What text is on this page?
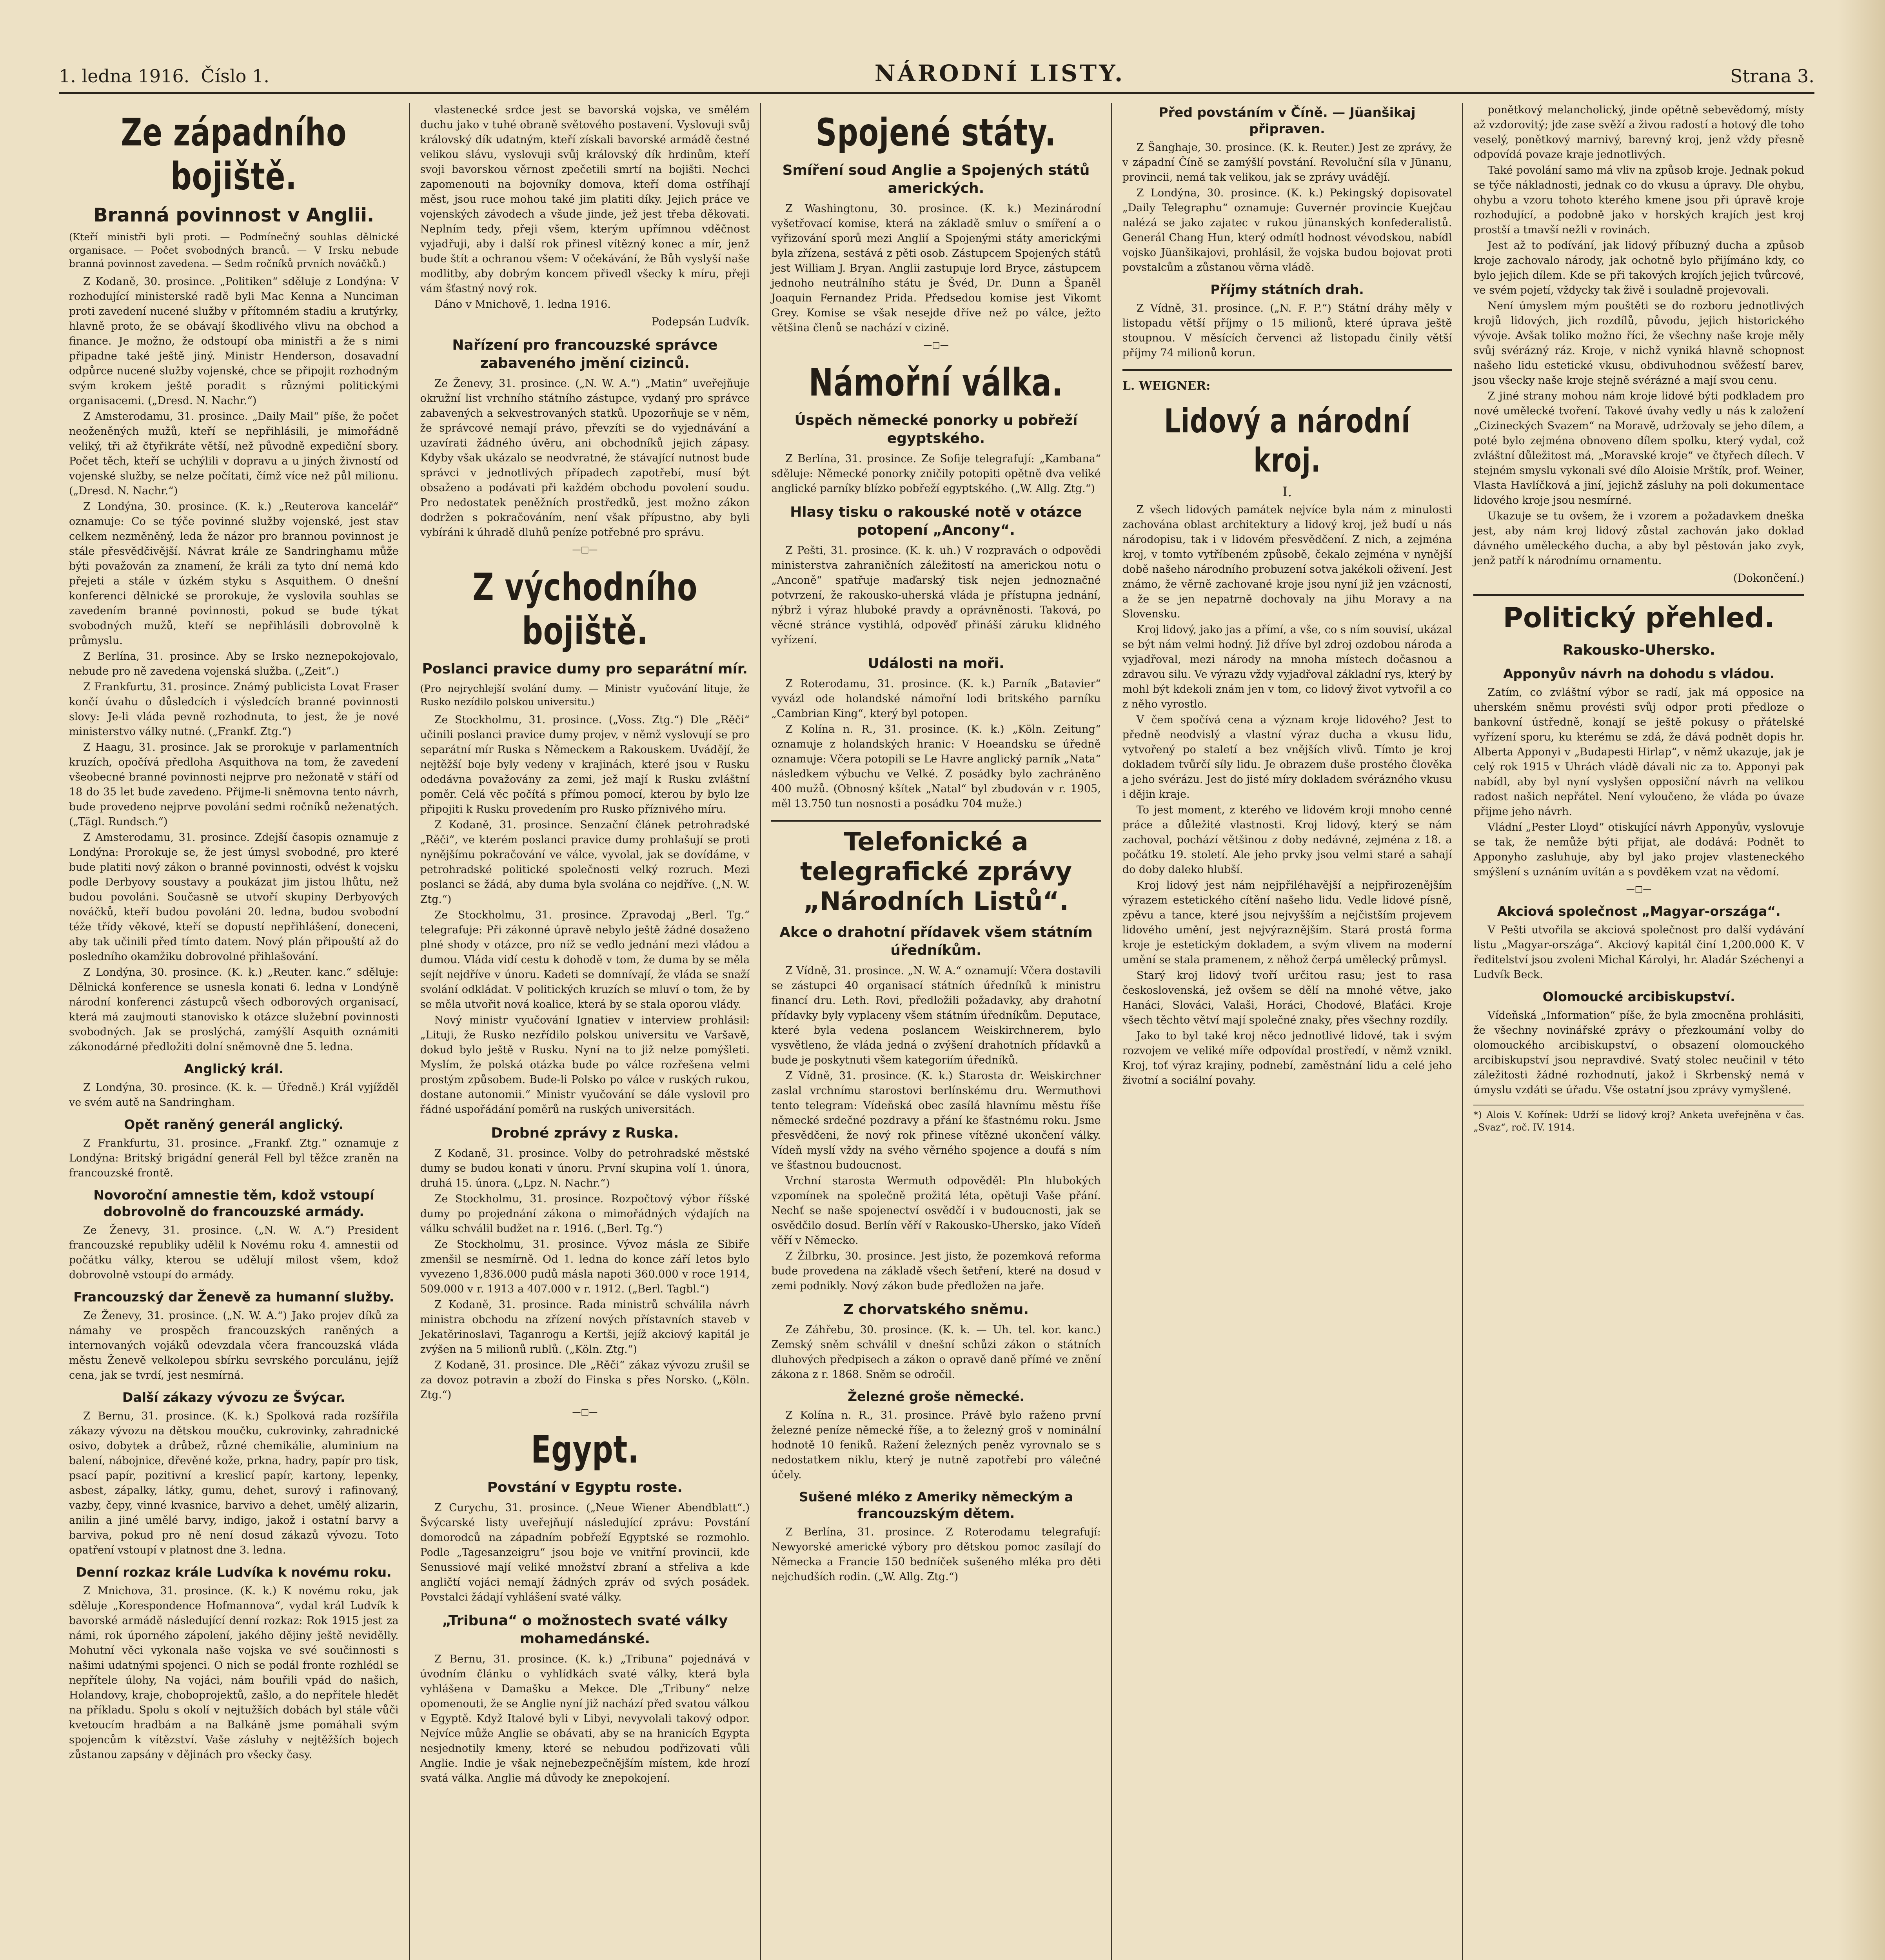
1. ledna 1916. Číslo 1.	NÁRODNÍ LISTY.	Strana 3.
Ze západního bojiště.
Branná povinnost v Anglii.
(Kteří ministři byli proti. — Podmínečný souhlas dělnické organisace. — Počet svobodných branců. — V Irsku nebude branná povinnost zavedena. — Sedm ročníků prvních nováčků.)

Z Kodaně, 30. prosince. „Politiken“ sděluje z Londýna: V rozhodující ministerské radě byli Mac Kenna a Nunciman proti zavedení nucené služby v přítomném stadiu a krutýrky, hlavně proto, že se obávají škodlivého vlivu na obchod a finance. Je možno, že odstoupí oba ministři a že s nimi připadne také ještě jiný. Ministr Henderson, dosavadní odpůrce nucené služby vojenské, chce se připojit rozhodným svým krokem ještě poradit s různými politickými organisacemi. („Dresd. N. Nachr.“)

Z Amsterodamu, 31. prosince. „Daily Mail“ píše, že počet neoženěných mužů, kteří se nepřihlásili, je mimořádně veliký, tři až čtyřikráte větší, než původně expediční sbory. Počet těch, kteří se uchýlili v dopravu a u jiných živností od vojenské služby, se nelze počítati, čímž více než půl milionu. („Dresd. N. Nachr.“)

Z Londýna, 30. prosince. (K. k.) „Reuterova kancelář“ oznamuje: Co se týče povinné služby vojenské, jest stav celkem nezměněný, leda že názor pro brannou povinnost je stále přesvědčivější. Návrat krále ze Sandringhamu může býti považován za znamení, že králi za tyto dní nemá kdo přejeti a stále v úzkém styku s Asquithem. O dnešní konferenci dělnické se prorokuje, že vyslovila souhlas se zavedením branné povinnosti, pokud se bude týkat svobodných mužů, kteří se nepřihlásili dobrovolně k průmyslu.

Z Berlína, 31. prosince. Aby se Irsko neznepokojovalo, nebude pro ně zavedena vojenská služba. („Zeit“.)

Z Frankfurtu, 31. prosince. Známý publicista Lovat Fraser končí úvahu o důsledcích i výsledcích branné povinnosti slovy: Je-li vláda pevně rozhodnuta, to jest, že je nové ministerstvo války nutné. („Frankf. Ztg.“)

Z Haagu, 31. prosince. Jak se prorokuje v parlamentních kruzích, opočívá předloha Asquithova na tom, že zavedení všeobecné branné povinnosti nejprve pro nežonatě v stáří od 18 do 35 let bude zavedeno. Přijme-li sněmovna tento návrh, bude provedeno nejprve povolání sedmi ročníků neženatých. („Tägl. Rundsch.“)

Z Amsterodamu, 31. prosince. Zdejší časopis oznamuje z Londýna: Prorokuje se, že jest úmysl svobodné, pro které bude platiti nový zákon o branné povinnosti, odvést k vojsku podle Derbyovy soustavy a poukázat jim jistou lhůtu, než budou povoláni. Současně se utvoří skupiny Derbyových nováčků, kteří budou povoláni 20. ledna, budou svobodní téže třídy věkové, kteří se dopustí nepřihlášení, doneceni, aby tak učinili před tímto datem. Nový plán připouští až do posledního okamžiku dobrovolné přihlašování.

Z Londýna, 30. prosince. (K. k.) „Reuter. kanc.“ sděluje: Dělnická konference se usnesla konati 6. ledna v Londýně národní konferenci zástupců všech odborových organisací, která má zaujmouti stanovisko k otázce služební povinnosti svobodných. Jak se proslýchá, zamýšlí Asquith oznámiti zákonodárné předložiti dolní sněmovně dne 5. ledna.

Anglický král.

Z Londýna, 30. prosince. (K. k. — Úředně.) Král vyjížděl ve svém autě na Sandringham.

Opět raněný generál anglický.

Z Frankfurtu, 31. prosince. „Frankf. Ztg.“ oznamuje z Londýna: Britský brigádní generál Fell byl těžce zraněn na francouzské frontě.

Novoroční amnestie těm, kdož vstoupí dobrovolně do francouzské armády.

Ze Ženevy, 31. prosince. („N. W. A.“) President francouzské republiky udělil k Novému roku 4. amnestii od počátku války, kterou se udělují milost všem, kdož dobrovolně vstoupí do armády.

Francouzský dar Ženevě za humanní služby.

Ze Ženevy, 31. prosince. („N. W. A.“) Jako projev díků za námahy ve prospěch francouzských raněných a internovaných vojáků odevzdala včera francouzská vláda městu Ženevě velkolepou sbírku sevrského porculánu, jejíž cena, jak se tvrdí, jest nesmírná.

Další zákazy vývozu ze Švýcar.

Z Bernu, 31. prosince. (K. k.) Spolková rada rozšířila zákazy vývozu na dětskou moučku, cukrovinky, zahradnické osivo, dobytek a drůbež, různé chemikálie, aluminium na balení, nábojnice, dřevěné kože, prkna, hadry, papír pro tisk, psací papír, pozitivní a kreslicí papír, kartony, lepenky, asbest, zápalky, látky, gumu, dehet, surový i rafinovaný, vazby, čepy, vinné kvasnice, barvivo a dehet, umělý alizarin, anilin a jiné umělé barvy, indigo, jakož i ostatní barvy a barviva, pokud pro ně není dosud zákazů vývozu. Toto opatření vstoupí v platnost dne 3. ledna.

Denní rozkaz krále Ludvíka k novému roku.

Z Mnichova, 31. prosince. (K. k.) K novému roku, jak sděluje „Korespondence Hofmannova“, vydal král Ludvík k bavorské armádě následující denní rozkaz: Rok 1915 jest za námi, rok úporného zápolení, jakého dějiny ještě nevidělly. Mohutní věci vykonala naše vojska ve své součinnosti s našimi udatnými spojenci. O nich se podál fronte rozhlédl se nepřítele úlohy, Na vojáci, nám bouřili vpád do našich, Holandovy, kraje, choboprojektů, zašlo, a do nepřítele hledět na příkladu. Spolu s okolí v nejtužších dobách byl stále vůči kvetoucím hradbám a na Balkáně jsme pomáhali svým spojencům k vítězství. Vaše zásluhy v nejtěžších bojech zůstanou zapsány v dějinách pro všecky časy.

vlastenecké srdce jest se bavorská vojska, ve smělém duchu jako v tuhé obraně světového postavení. Vyslovuji svůj královský dík udatným, kteří získali bavorské armádě čestné velikou slávu, vyslovuji svůj královský dík hrdinům, kteří svoji bavorskou věrnost zpečetili smrtí na bojišti. Nechci zapomenouti na bojovníky domova, kteří doma ostříhají měst, jsou ruce mohou také jim platiti díky. Jejich práce ve vojenských závodech a všude jinde, jež jest třeba děkovati. Neplním tedy, přeji všem, kterým upřímnou vděčnost vyjadřuji, aby i další rok přinesl vítězný konec a mír, jenž bude štít a ochranou všem: V očekávání, že Bůh vyslyší naše modlitby, aby dobrým koncem přivedl všecky k míru, přeji vám šťastný nový rok.

Dáno v Mnichově, 1. ledna 1916.

Podepsán Ludvík.
Nařízení pro francouzské správce zabaveného jmění cizinců.

Ze Ženevy, 31. prosince. („N. W. A.“) „Matin“ uveřejňuje okružní list vrchního státního zástupce, vydaný pro správce zabavených a sekvestrovaných statků. Upozorňuje se v něm, že správcové nemají právo, převzíti se do vyjednávání a uzavírati žádného úvěru, ani obchodníků jejich zápasy. Kdyby však ukázalo se neodvratné, že stávající nutnost bude správci v jednotlivých případech zapotřebí, musí být obsaženo a podávati při každém obchodu povolení soudu. Pro nedostatek peněžních prostředků, jest možno zákon dodržen s pokračováním, není však přípustno, aby byli vybíráni k úhradě dluhů peníze potřebné pro správu.

—□—
Z východního bojiště.
Poslanci pravice dumy pro separátní mír.
(Pro nejrychlejší svolání dumy. — Ministr vyučování lituje, že Rusko nezídilo polskou universitu.)

Ze Stockholmu, 31. prosince. („Voss. Ztg.“) Dle „Rěči“ učinili poslanci pravice dumy projev, v němž vyslovují se pro separátní mír Ruska s Německem a Rakouskem. Uvádějí, že nejtěžší boje byly vedeny v krajinách, které jsou v Rusku odedávna považovány za zemi, jež mají k Rusku zvláštní poměr. Celá věc počítá s přímou pomocí, kterou by bylo lze připojiti k Rusku provedením pro Rusko příznivého míru.

Z Kodaně, 31. prosince. Senzační článek petrohradské „Rěči“, ve kterém poslanci pravice dumy prohlašují se proti nynějšímu pokračování ve válce, vyvolal, jak se dovídáme, v petrohradské politické společnosti velký rozruch. Mezi poslanci se žádá, aby duma byla svolána co nejdříve. („N. W. Ztg.“)

Ze Stockholmu, 31. prosince. Zpravodaj „Berl. Tg.“ telegrafuje: Při zákonné úpravě nebylo ještě žádné dosaženo plné shody v otázce, pro níž se vedlo jednání mezi vládou a dumou. Vláda vidí cestu k dohodě v tom, že duma by se měla sejít nejdříve v únoru. Kadeti se domnívají, že vláda se snaží svolání odkládat. V politických kruzích se mluví o tom, že by se měla utvořit nová koalice, která by se stala oporou vlády.

Nový ministr vyučování Ignatiev v interview prohlásil: „Lituji, že Rusko nezřídilo polskou universitu ve Varšavě, dokud bylo ještě v Rusku. Nyní na to již nelze pomýšleti. Myslím, že polská otázka bude po válce rozřešena velmi prostým způsobem. Bude-li Polsko po válce v ruských rukou, dostane autonomii.“ Ministr vyučování se dále vyslovil pro řádné uspořádání poměrů na ruských universitách.

Drobné zprávy z Ruska.

Z Kodaně, 31. prosince. Volby do petrohradské městské dumy se budou konati v únoru. První skupina volí 1. února, druhá 15. února. („Lpz. N. Nachr.“)

Ze Stockholmu, 31. prosince. Rozpočtový výbor říšské dumy po projednání zákona o mimořádných výdajích na válku schválil budžet na r. 1916. („Berl. Tg.“)

Ze Stockholmu, 31. prosince. Vývoz másla ze Sibiře zmenšil se nesmírně. Od 1. ledna do konce září letos bylo vyvezeno 1,836.000 pudů másla napoti 360.000 v roce 1914, 509.000 v r. 1913 a 407.000 v r. 1912. („Berl. Tagbl.“)

Z Kodaně, 31. prosince. Rada ministrů schválila návrh ministra obchodu na zřízení nových přístavních staveb v Jekatěrinoslavi, Taganrogu a Kertši, jejíž akciový kapitál je zvýšen na 5 milionů rublů. („Köln. Ztg.“)

Z Kodaně, 31. prosince. Dle „Rěči“ zákaz vývozu zrušil se za dovoz potravin a zboží do Finska s přes Norsko. („Köln. Ztg.“)

—□—
Egypt.
Povstání v Egyptu roste.

Z Curychu, 31. prosince. („Neue Wiener Abendblatt“.) Švýcarské listy uveřejňují následující zprávu: Povstání domorodců na západním pobřeží Egyptské se rozmohlo. Podle „Tagesanzeigru“ jsou boje ve vnitřní provincii, kde Senussiové mají veliké množství zbraní a střeliva a kde angličtí vojáci nemají žádných zpráv od svých posádek. Povstalci žádají vyhlášení svaté války.

„Tribuna“ o možnostech svaté války mohamedánské.

Z Bernu, 31. prosince. (K. k.) „Tribuna“ pojednává v úvodním článku o vyhlídkách svaté války, která byla vyhlášena v Damašku a Mekce. Dle „Tribuny“ nelze opomenouti, že se Anglie nyní již nachází před svatou válkou v Egyptě. Když Italové byli v Libyi, nevyvolali takový odpor. Nejvíce může Anglie se obávati, aby se na hranicích Egypta nesjednotily kmeny, které se nebudou podřizovati vůli Anglie. Indie je však nejnebezpečnějším místem, kde hrozí svatá válka. Anglie má důvody ke znepokojení.

Spojené státy.
Smíření soud Anglie a Spojených států amerických.

Z Washingtonu, 30. prosince. (K. k.) Mezinárodní vyšetřovací komise, která na základě smluv o smíření a o vyřizování sporů mezi Anglií a Spojenými státy americkými byla zřízena, sestává z pěti osob. Zástupcem Spojených států jest William J. Bryan. Anglii zastupuje lord Bryce, zástupcem jednoho neutrálního státu je Švéd, Dr. Dunn a Španěl Joaquin Fernandez Prida. Předsedou komise jest Vikomt Grey. Komise se však nesejde dříve než po válce, ježto většina členů se nachází v cizině.

—□—
Námořní válka.
Úspěch německé ponorky u pobřeží egyptského.

Z Berlína, 31. prosince. Ze Sofije telegrafují: „Kambana“ sděluje: Německé ponorky zničily potopiti opětně dva veliké anglické parníky blízko pobřeží egyptského. („W. Allg. Ztg.“)

Hlasy tisku o rakouské notě v otázce potopení „Ancony“.

Z Pešti, 31. prosince. (K. k. uh.) V rozpravách o odpovědi ministerstva zahraničních záležitostí na americkou notu o „Anconě“ spatřuje maďarský tisk nejen jednoznačné potvrzení, že rakousko-uherská vláda je přístupna jednání, nýbrž i výraz hluboké pravdy a oprávněnosti. Taková, po věcné stránce vystihlá, odpověď přináší záruku klidného vyřízení.

Události na moři.

Z Roterodamu, 31. prosince. (K. k.) Parník „Batavier“ vyvázl ode holandské námořní lodi britského parníku „Cambrian King“, který byl potopen.

Z Kolína n. R., 31. prosince. (K. k.) „Köln. Zeitung“ oznamuje z holandských hranic: V Hoeandsku se úředně oznamuje: Včera potopili se Le Havre anglický parník „Nata“ následkem výbuchu ve Velké. Z posádky bylo zachráněno 400 mužů. (Obnosný kšítek „Natal“ byl zbudován v r. 1905, měl 13.750 tun nosnosti a posádku 704 muže.)

Telefonické a telegrafické zprávy „Národních Listů“.
Akce o drahotní přídavek všem státním úředníkům.

Z Vídně, 31. prosince. „N. W. A.“ oznamují: Včera dostavili se zástupci 40 organisací státních úředníků k ministru financí dru. Leth. Rovi, předložili požadavky, aby drahotní přídavky byly vyplaceny všem státním úředníkům. Deputace, které byla vedena poslancem Weiskirchnerem, bylo vysvětleno, že vláda jedná o zvýšení drahotních přídavků a bude je poskytnuti všem kategoriím úředníků.

Z Vídně, 31. prosince. (K. k.) Starosta dr. Weiskirchner zaslal vrchnímu starostovi berlínskému dru. Wermuthovi tento telegram: Vídeňská obec zasílá hlavnímu městu říše německé srdečné pozdravy a přání ke šťastnému roku. Jsme přesvědčeni, že nový rok přinese vítězné ukončení války. Vídeň myslí vždy na svého věrného spojence a doufá s ním ve šťastnou budoucnost.

Vrchní starosta Wermuth odpověděl: Pln hlubokých vzpomínek na společně prožitá léta, opětuji Vaše přání. Nechť se naše spojenectví osvědčí i v budoucnosti, jak se osvědčilo dosud. Berlín věří v Rakousko-Uhersko, jako Vídeň věří v Německo.

Z Žilbrku, 30. prosince. Jest jisto, že pozemková reforma bude provedena na základě všech šetření, které na dosud v zemi podnikly. Nový zákon bude předložen na jaře.

Z chorvatského sněmu.

Ze Záhřebu, 30. prosince. (K. k. — Uh. tel. kor. kanc.) Zemský sněm schválil v dnešní schůzi zákon o státních dluhových předpisech a zákon o opravě daně přímé ve znění zákona z r. 1868. Sněm se odročil.

Železné groše německé.

Z Kolína n. R., 31. prosince. Právě bylo raženo první železné peníze německé říše, a to železný groš v nominální hodnotě 10 feniků. Ražení železných peněz vyrovnalo se s nedostatkem niklu, který je nutně zapotřebí pro válečné účely.

Sušené mléko z Ameriky německým a francouzským dětem.

Z Berlína, 31. prosince. Z Roterodamu telegrafují: Newyorské americké výbory pro dětskou pomoc zasílají do Německa a Francie 150 bedníček sušeného mléka pro děti nejchudších rodin. („W. Allg. Ztg.“)

Před povstáním v Číně. — Jüanšikaj připraven.

Z Šanghaje, 30. prosince. (K. k. Reuter.) Jest ze zprávy, že v západní Číně se zamýšlí povstání. Revoluční síla v Jünanu, provincii, nemá tak velikou, jak se zprávy uvádějí.

Z Londýna, 30. prosince. (K. k.) Pekingský dopisovatel „Daily Telegraphu“ oznamuje: Guvernér provincie Kuejčau nalézá se jako zajatec v rukou jünanských konfederalistů. Generál Chang Hun, který odmítl hodnost vévodskou, nabídl vojsko Jüanšikajovi, prohlásil, že vojska budou bojovat proti povstalcům a zůstanou věrna vládě.

Příjmy státních drah.

Z Vídně, 31. prosince. („N. F. P.“) Státní dráhy měly v listopadu větší příjmy o 15 milionů, které úprava ještě stoupnou. V měsících červenci až listopadu činily větší příjmy 74 milionů korun.

L. WEIGNER:
Lidový a národní kroj.
I.

Z všech lidových památek nejvíce byla nám z minulosti zachována oblast architektury a lidový kroj, jež budí u nás národopisu, tak i v lidovém přesvědčení. Z nich, a zejména kroj, v tomto vytříbeném způsobě, čekalo zejména v nynější době našeho národního probuzení sotva jakékoli oživení. Jest známo, že věrně zachované kroje jsou nyní již jen vzácností, a že se jen nepatrně dochovaly na jihu Moravy a na Slovensku.

Kroj lidový, jako jas a přímí, a vše, co s ním souvisí, ukázal se být nám velmi hodný. Již dříve byl zdroj ozdobou národa a vyjadřoval, mezi národy na mnoha místech dočasnou a zdravou silu. Ve výrazu vždy vyjadřoval základní rys, který by mohl být kdekoli znám jen v tom, co lidový život vytvořil a co z něho vyrostlo.

V čem spočívá cena a význam kroje lidového? Jest to předně neodvislý a vlastní výraz ducha a vkusu lidu, vytvořený po staletí a bez vnějších vlivů. Tímto je kroj dokladem tvůrčí síly lidu. Je obrazem duše prostého člověka a jeho svérázu. Jest do jisté míry dokladem svérázného vkusu i dějin kraje.

To jest moment, z kterého ve lidovém kroji mnoho cenné práce a důležité vlastnosti. Kroj lidový, který se nám zachoval, pochází většinou z doby nedávné, zejména z 18. a počátku 19. století. Ale jeho prvky jsou velmi staré a sahají do doby daleko hlubší.

Kroj lidový jest nám nejpřiléhavější a nejpřirozenějším výrazem estetického cítění našeho lidu. Vedle lidové písně, zpěvu a tance, které jsou nejvyšším a nejčistším projevem lidového umění, jest nejvýraznějším. Stará prostá forma kroje je estetickým dokladem, a svým vlivem na moderní umění se stala pramenem, z něhož čerpá umělecký průmysl.

Starý kroj lidový tvoří určitou rasu; jest to rasa československá, jež ovšem se dělí na mnohé větve, jako Hanáci, Slováci, Valaši, Horáci, Chodové, Blaťáci. Kroje všech těchto větví mají společné znaky, přes všechny rozdíly.

Jako to byl také kroj něco jednotlivé lidové, tak i svým rozvojem ve veliké míře odpovídal prostředí, v němž vznikl. Kroj, toť výraz krajiny, podnebí, zaměstnání lidu a celé jeho životní a sociální povahy.

ponětkový melancholický, jinde opětně sebevědomý, místy až vzdorovitý; jde zase svěží a živou radostí a hotový dle toho veselý, ponětkový marnivý, barevný kroj, jenž vždy přesně odpovídá povaze kraje jednotlivých.

Také povolání samo má vliv na způsob kroje. Jednak pokud se týče nákladnosti, jednak co do vkusu a úpravy. Dle ohybu, ohybu a vzoru tohoto kterého kmene jsou při úpravě kroje rozhodující, a podobně jako v horských krajích jest kroj prostší a tmavší nežli v rovinách.

Jest až to podívání, jak lidový příbuzný ducha a způsob kroje zachovalo národy, jak ochotně bylo přijímáno kdy, co bylo jejich dílem. Kde se při takových krojích jejich tvůrcové, ve svém pojetí, vždycky tak živě i souladně projevovali.

Není úmyslem mým pouštěti se do rozboru jednotlivých krojů lidových, jich rozdílů, původu, jejich historického vývoje. Avšak toliko možno říci, že všechny naše kroje měly svůj svérázný ráz. Kroje, v nichž vyniká hlavně schopnost našeho lidu estetické vkusu, obdivuhodnou svěžestí barev, jsou všecky naše kroje stejně svérázné a mají svou cenu.

Z jiné strany mohou nám kroje lidové býti podkladem pro nové umělecké tvoření. Takové úvahy vedly u nás k založení „Cizineckých Svazem“ na Moravě, udržovaly se jeho dílem, a poté bylo zejména obnoveno dílem spolku, který vydal, což zvláštní důležitost má, „Moravské kroje“ ve čtyřech dílech. V stejném smyslu vykonali své dílo Aloisie Mrštík, prof. Weiner, Vlasta Havlíčková a jiní, jejichž zásluhy na poli dokumentace lidového kroje jsou nesmírné.

Ukazuje se tu ovšem, že i vzorem a požadavkem dneška jest, aby nám kroj lidový zůstal zachován jako doklad dávného uměleckého ducha, a aby byl pěstován jako zvyk, jenž patří k národnímu ornamentu.

(Dokončení.)
Politický přehled.
Rakousko-Uhersko.
Apponyův návrh na dohodu s vládou.

Zatím, co zvláštní výbor se radí, jak má opposice na uherském sněmu provésti svůj odpor proti předloze o bankovní ústředně, konají se ještě pokusy o přátelské vyřízení sporu, ku kterému se zdá, že dává podnět dopis hr. Alberta Apponyi v „Budapesti Hirlap“, v němž ukazuje, jak je celý rok 1915 v Uhrách vládě dávali nic za to. Apponyi pak nabídl, aby byl nyní vyslyšen opposiční návrh na velikou radost našich nepřátel. Není vyloučeno, že vláda po úvaze přijme jeho návrh.

Vládní „Pester Lloyd“ otiskující návrh Apponyův, vyslovuje se tak, že nemůže býti přijat, ale dodává: Podnět to Apponyho zasluhuje, aby byl jako projev vlasteneckého smýšlení s uznáním uvítán a s povděkem vzat na vědomí.

—□—
Akciová společnost „Magyar-országa“.

V Pešti utvořila se akciová společnost pro další vydávání listu „Magyar-országa“. Akciový kapitál činí 1,200.000 K. V ředitelství jsou zvoleni Michal Károlyi, hr. Aladár Széchenyi a Ludvík Beck.

Olomoucké arcibiskupství.

Vídeňská „Information“ píše, že byla zmocněna prohlásiti, že všechny novinářské zprávy o přezkoumání volby do olomouckého arcibiskupství, o obsazení olomouckého arcibiskupství jsou nepravdivé. Svatý stolec neučinil v této záležitosti žádné rozhodnutí, jakož i Skrbenský nemá v úmyslu vzdáti se úřadu. Vše ostatní jsou zprávy vymyšlené.

*) Alois V. Kořínek: Udrží se lidový kroj? Anketa uveřejněna v čas. „Svaz“, roč. IV. 1914.
